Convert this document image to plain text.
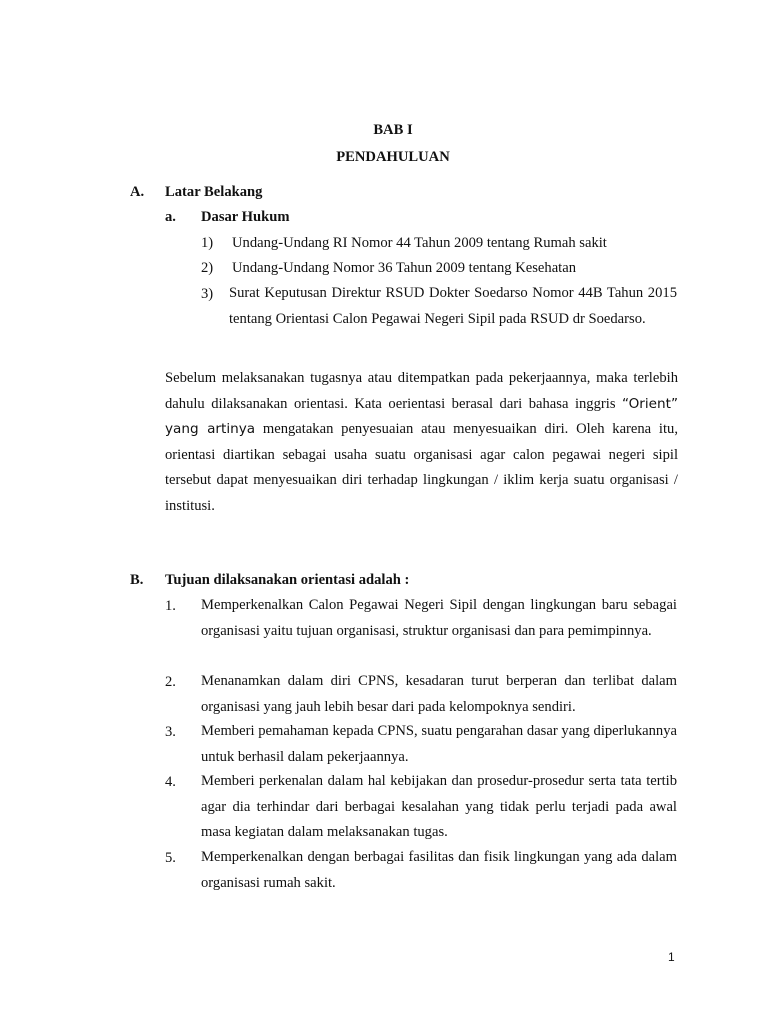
BAB I
PENDAHULUAN
A. Latar Belakang
a. Dasar Hukum
1) Undang-Undang RI Nomor 44 Tahun 2009 tentang Rumah sakit
2) Undang-Undang Nomor 36 Tahun 2009 tentang Kesehatan
3) Surat Keputusan Direktur RSUD Dokter Soedarso Nomor 44B Tahun 2015 tentang Orientasi Calon Pegawai Negeri Sipil pada RSUD dr Soedarso.
Sebelum melaksanakan tugasnya atau ditempatkan pada pekerjaannya, maka terlebih dahulu dilaksanakan orientasi. Kata oerientasi berasal dari bahasa inggris “Orient” yang artinya mengatakan penyesuaian atau menyesuaikan diri. Oleh karena itu, orientasi diartikan sebagai usaha suatu organisasi agar calon pegawai negeri sipil tersebut dapat menyesuaikan diri terhadap lingkungan / iklim kerja suatu organisasi / institusi.
B. Tujuan dilaksanakan orientasi adalah :
1. Memperkenalkan Calon Pegawai Negeri Sipil dengan lingkungan baru sebagai organisasi yaitu tujuan organisasi, struktur organisasi dan para pemimpinnya.
2. Menanamkan dalam diri CPNS, kesadaran turut berperan dan terlibat dalam organisasi yang jauh lebih besar dari pada kelompoknya sendiri.
3. Memberi pemahaman kepada CPNS, suatu pengarahan dasar yang diperlukannya untuk berhasil dalam pekerjaannya.
4. Memberi perkenalan dalam hal kebijakan dan prosedur-prosedur serta tata tertib agar dia terhindar dari berbagai kesalahan yang tidak perlu terjadi pada awal masa kegiatan dalam melaksanakan tugas.
5. Memperkenalkan dengan berbagai fasilitas dan fisik lingkungan yang ada dalam organisasi rumah sakit.
1
